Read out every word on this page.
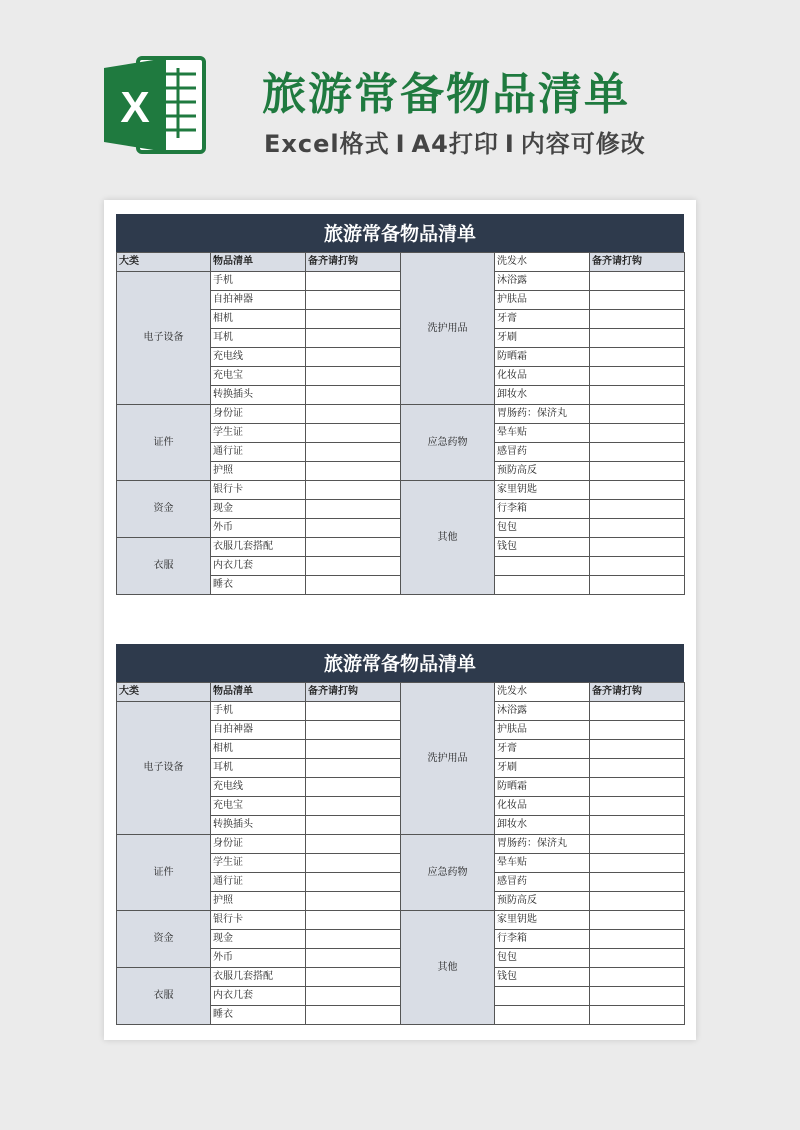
X	旅游常备物品清单
Excel格式 I A4打印 I 内容可修改
旅游常备物品清单
大类	物品清单	备齐请打钩	洗护用品	洗发水	备齐请打钩
电子设备	手机			沐浴露	
	自拍神器			护肤品	
	相机			牙膏	
	耳机			牙刷	
	充电线			防晒霜	
	充电宝			化妆品	
	转换插头			卸妆水	
证件	身份证		应急药物	胃肠药：保济丸	
	学生证			晕车贴	
	通行证			感冒药	
	护照			预防高反	
资金	银行卡		其他	家里钥匙	
	现金			行李箱	
	外币			包包	
衣服	衣服几套搭配			钱包	
	内衣几套				
	睡衣				
旅游常备物品清单
大类	物品清单	备齐请打钩	洗护用品	洗发水	备齐请打钩
电子设备	手机			沐浴露	
	自拍神器			护肤品	
	相机			牙膏	
	耳机			牙刷	
	充电线			防晒霜	
	充电宝			化妆品	
	转换插头			卸妆水	
证件	身份证		应急药物	胃肠药：保济丸	
	学生证			晕车贴	
	通行证			感冒药	
	护照			预防高反	
资金	银行卡		其他	家里钥匙	
	现金			行李箱	
	外币			包包	
衣服	衣服几套搭配			钱包	
	内衣几套				
	睡衣				
